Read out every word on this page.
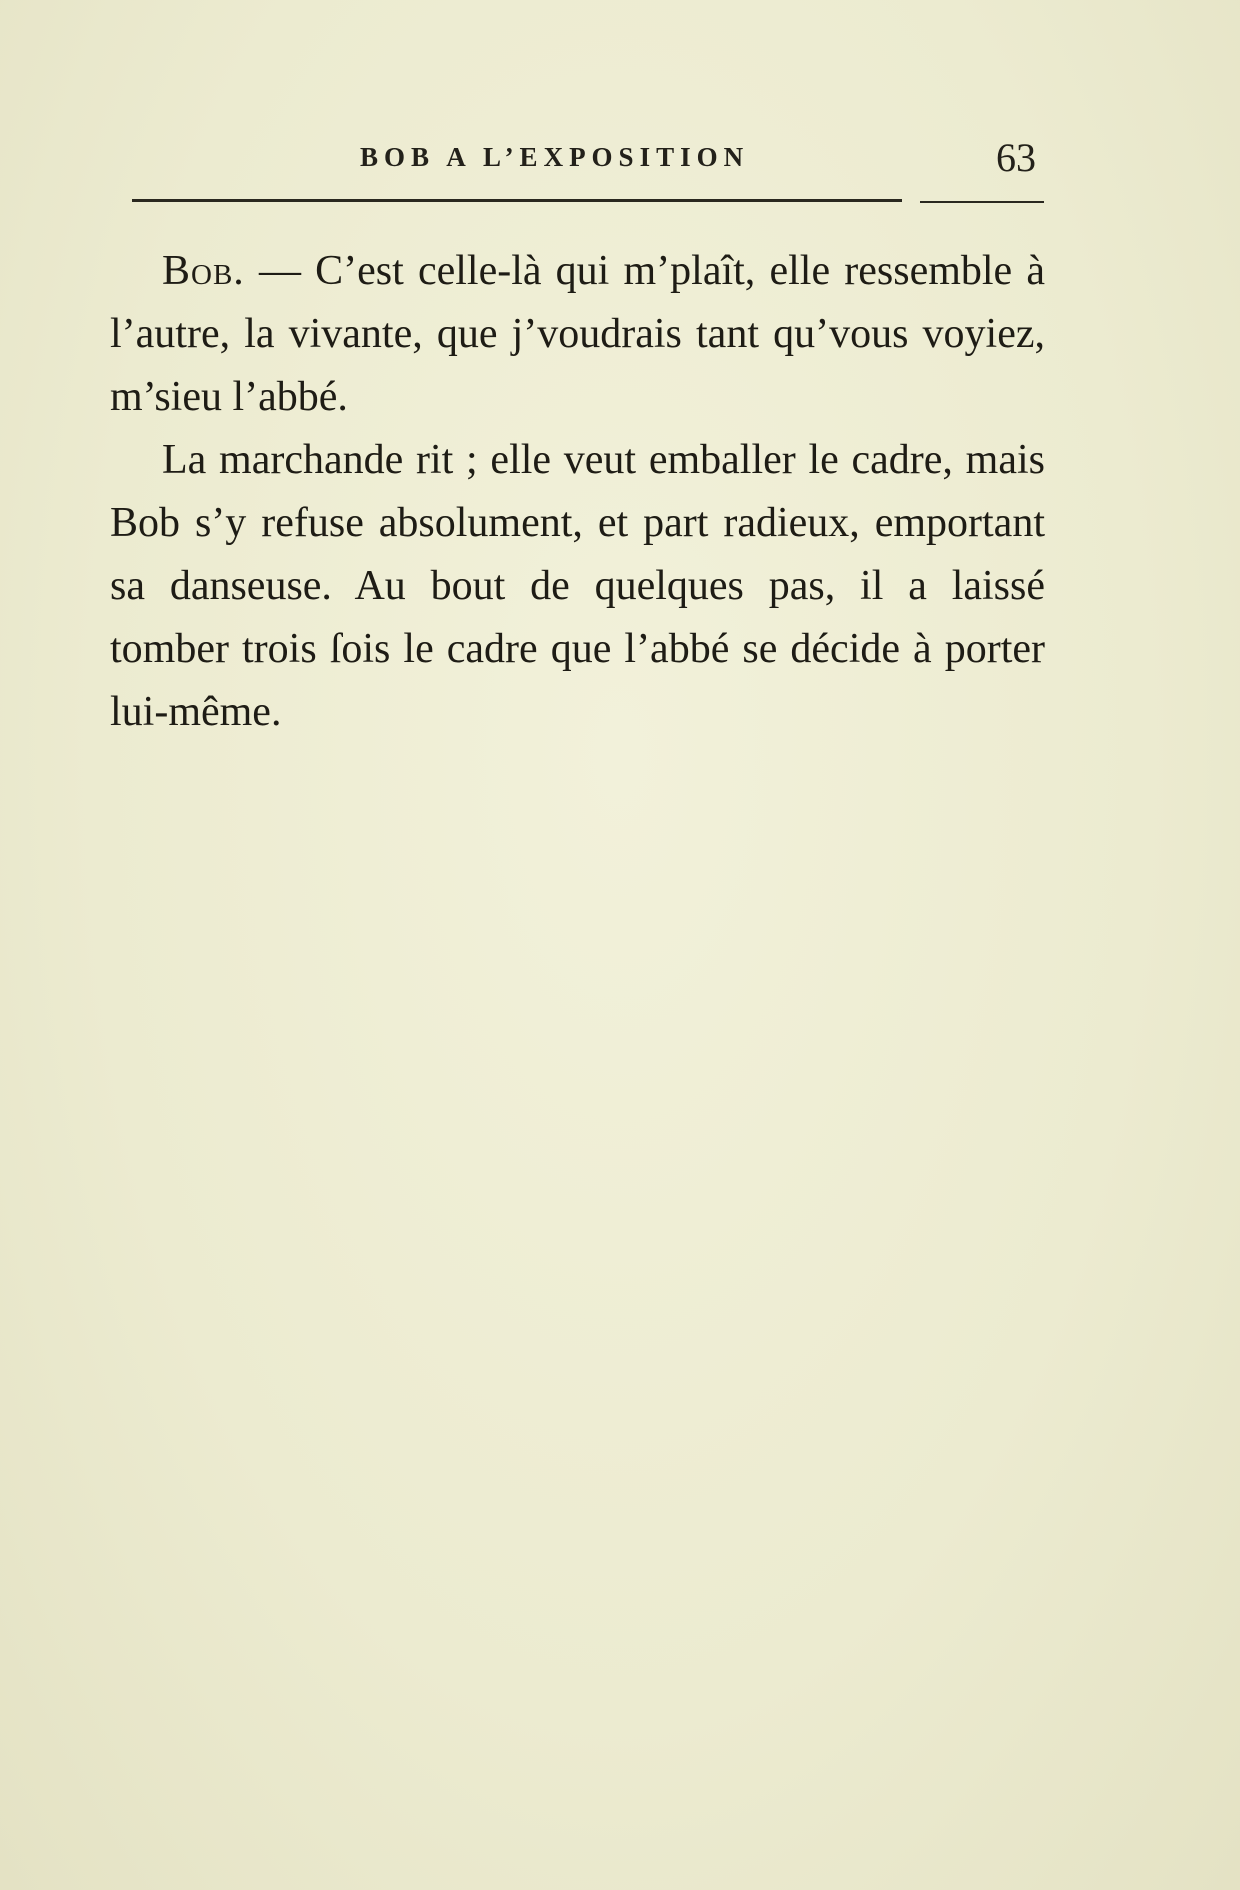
BOB A L’EXPOSITION	63

Bob. — C’est celle-là qui m’plaît, elle ressemble à l’autre, la vivante, que j’voudrais tant qu’vous voyiez, m’sieu l’abbé.

La marchande rit ; elle veut emballer le cadre, mais Bob s’y refuse absolument, et part radieux, emportant sa danseuse. Au bout de quelques pas, il a laissé tomber trois ſois le cadre que l’abbé se décide à porter lui-même.
